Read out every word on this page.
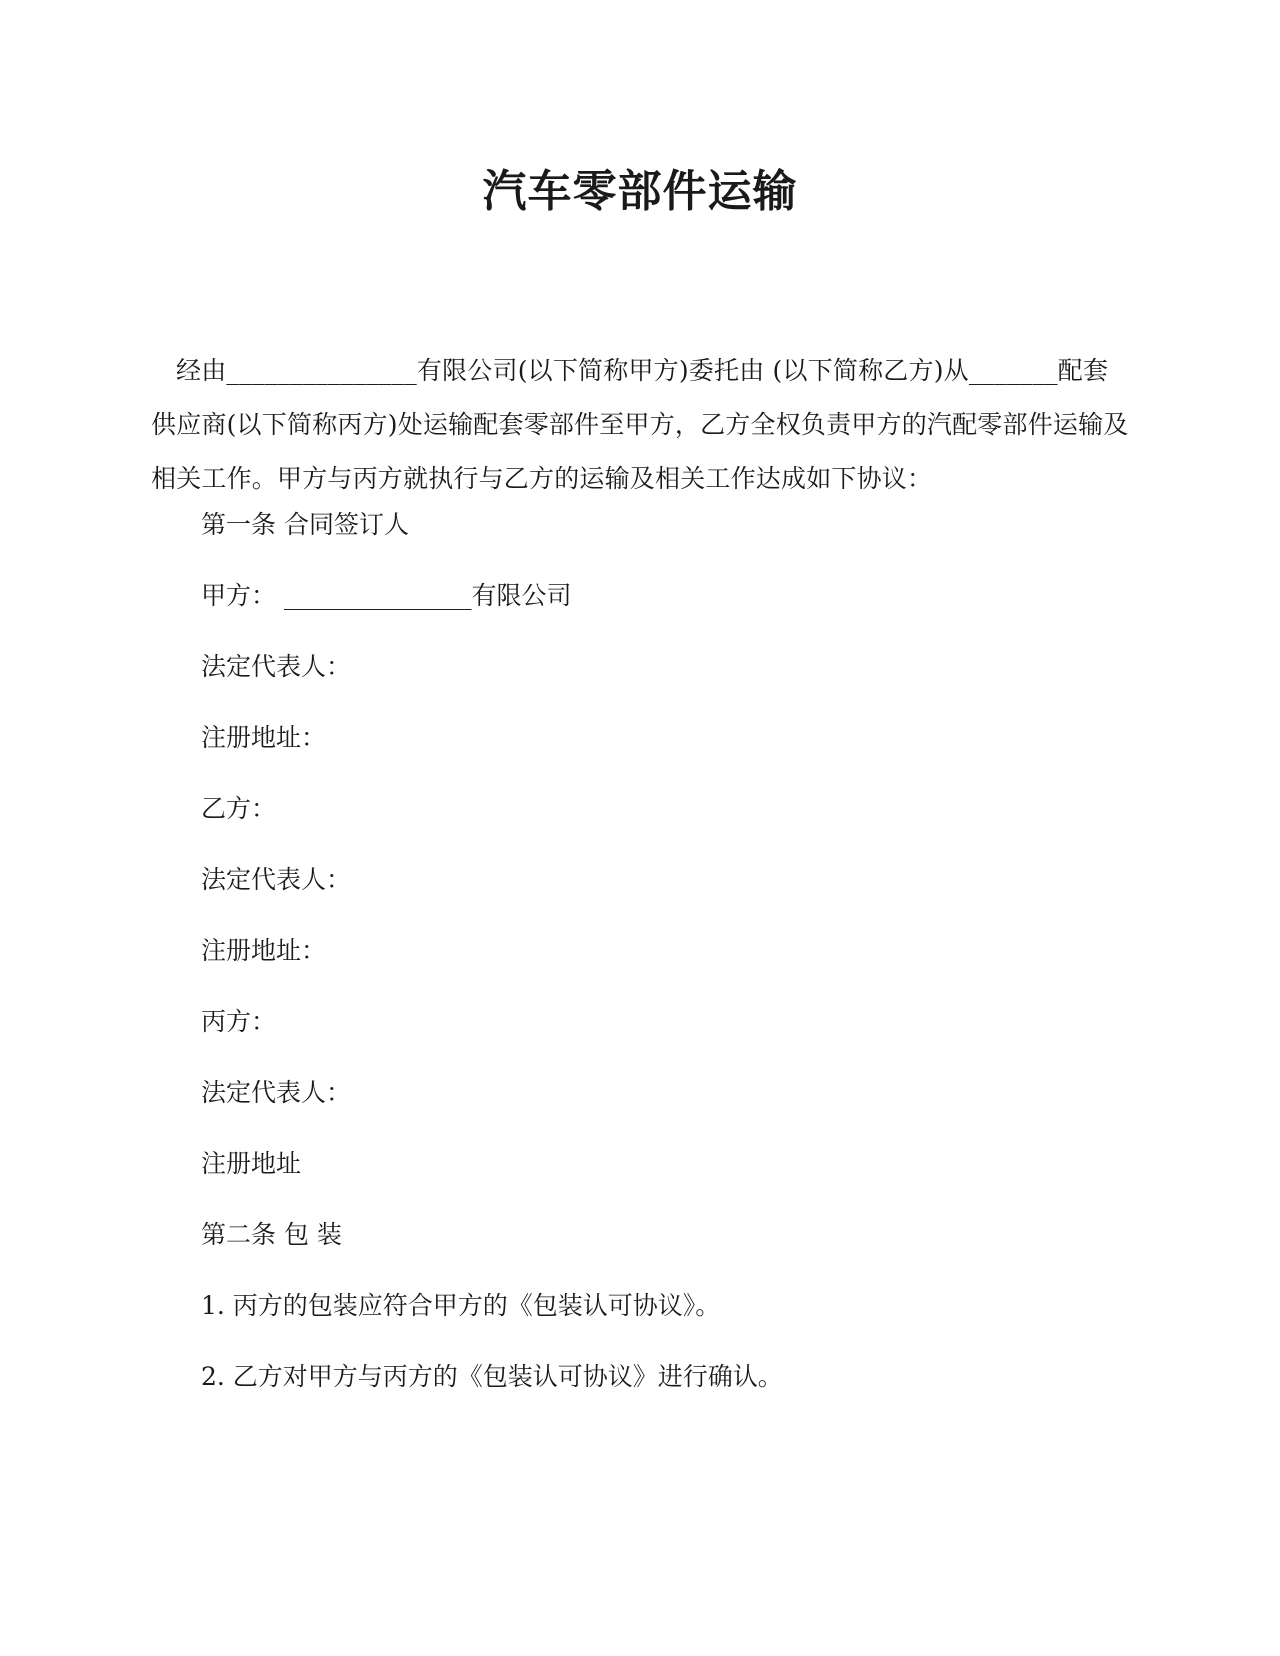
汽车零部件运输

经由_______________有限公司(以下简称甲方)委托由 (以下简称乙方)从_______配套供应商(以下简称丙方)处运输配套零部件至甲方，乙方全权负责甲方的汽配零部件运输及相关工作。甲方与丙方就执行与乙方的运输及相关工作达成如下协议：

第一条 合同签订人

甲方： _______________有限公司

法定代表人：

注册地址：

乙方：

法定代表人：

注册地址：

丙方：

法定代表人：

注册地址

第二条 包 装

1. 丙方的包装应符合甲方的《包装认可协议》。

2. 乙方对甲方与丙方的《包装认可协议》进行确认。
